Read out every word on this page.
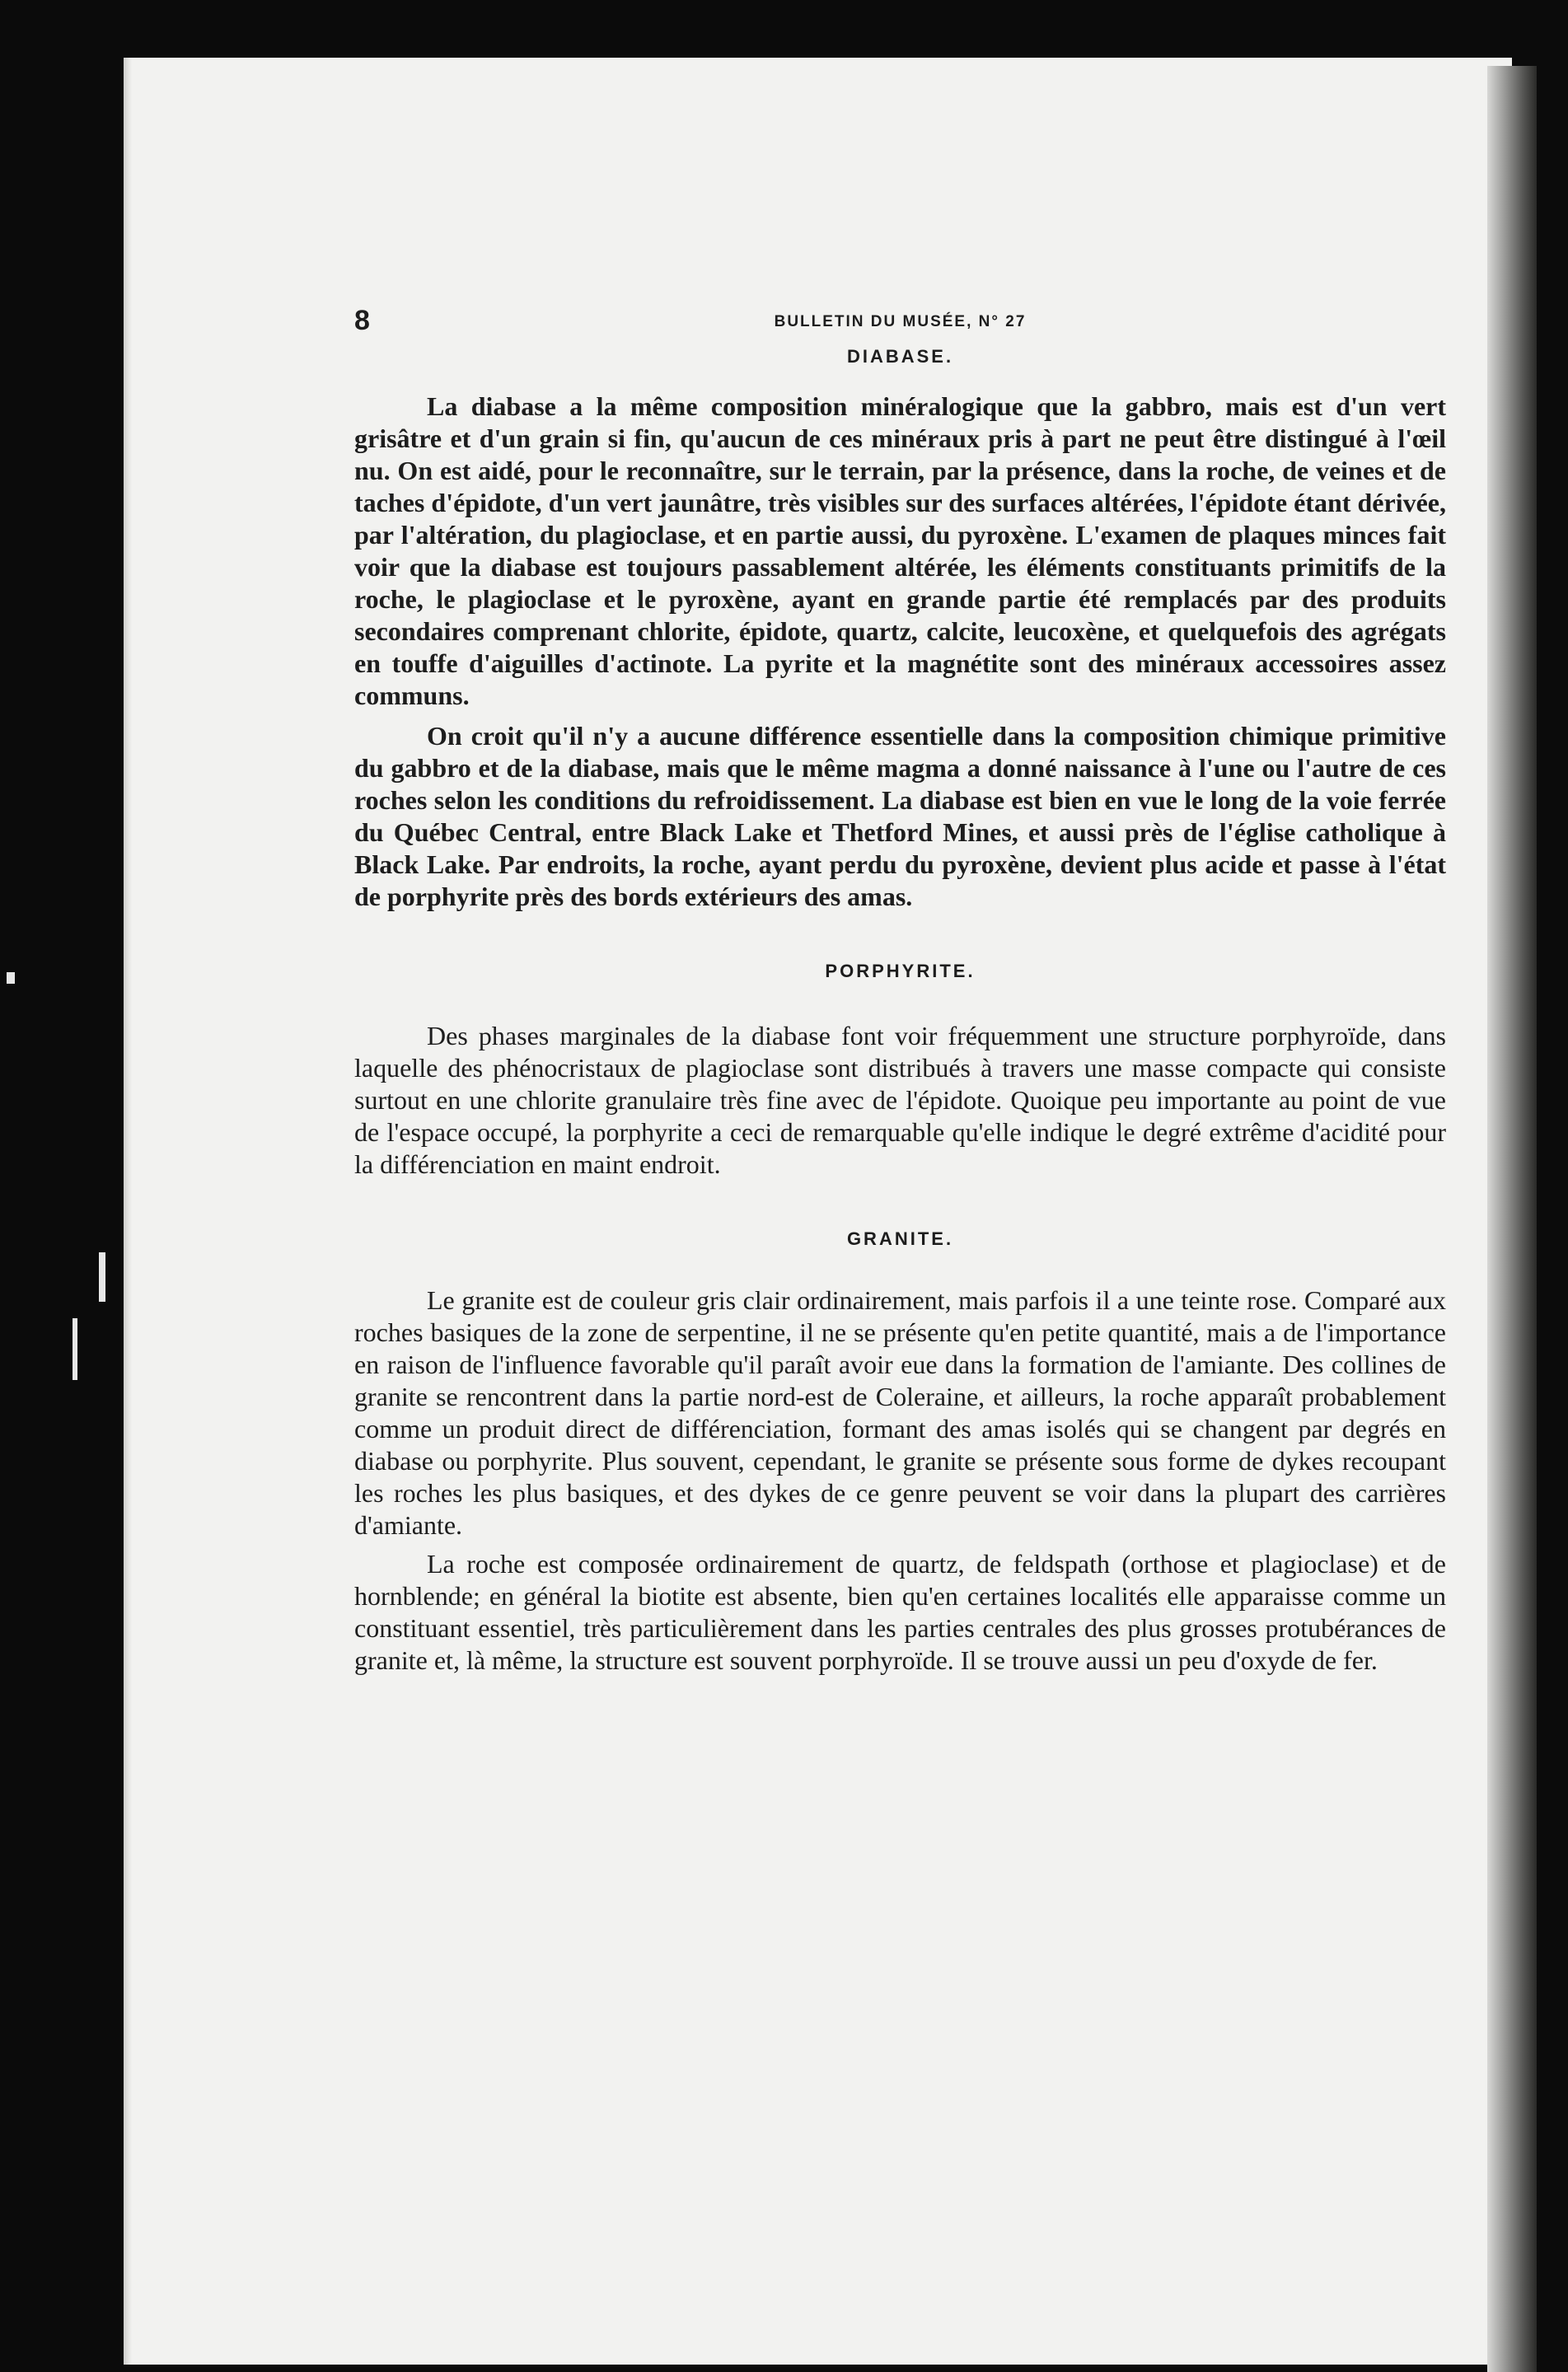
8	BULLETIN DU MUSÉE, N° 27
DIABASE.

La diabase a la même composition minéralogique que la gabbro, mais est d'un vert grisâtre et d'un grain si fin, qu'aucun de ces minéraux pris à part ne peut être distingué à l'œil nu. On est aidé, pour le reconnaître, sur le terrain, par la présence, dans la roche, de veines et de taches d'épidote, d'un vert jaunâtre, très visibles sur des surfaces altérées, l'épidote étant dérivée, par l'altération, du plagioclase, et en partie aussi, du pyroxène. L'examen de plaques minces fait voir que la diabase est toujours passablement altérée, les éléments constituants primitifs de la roche, le plagioclase et le pyroxène, ayant en grande partie été remplacés par des produits secondaires comprenant chlorite, épidote, quartz, calcite, leucoxène, et quelquefois des agrégats en touffe d'aiguilles d'actinote. La pyrite et la magnétite sont des minéraux accessoires assez communs.

On croit qu'il n'y a aucune différence essentielle dans la composition chimique primitive du gabbro et de la diabase, mais que le même magma a donné naissance à l'une ou l'autre de ces roches selon les conditions du refroidissement. La diabase est bien en vue le long de la voie ferrée du Québec Central, entre Black Lake et Thetford Mines, et aussi près de l'église catholique à Black Lake. Par endroits, la roche, ayant perdu du pyroxène, devient plus acide et passe à l'état de porphyrite près des bords extérieurs des amas.

PORPHYRITE.

Des phases marginales de la diabase font voir fréquemment une structure porphyroïde, dans laquelle des phénocristaux de plagioclase sont distribués à travers une masse compacte qui consiste surtout en une chlorite granulaire très fine avec de l'épidote. Quoique peu importante au point de vue de l'espace occupé, la porphyrite a ceci de remarquable qu'elle indique le degré extrême d'acidité pour la différenciation en maint endroit.

GRANITE.

Le granite est de couleur gris clair ordinairement, mais parfois il a une teinte rose. Comparé aux roches basiques de la zone de serpentine, il ne se présente qu'en petite quantité, mais a de l'importance en raison de l'influence favorable qu'il paraît avoir eue dans la formation de l'amiante. Des collines de granite se rencontrent dans la partie nord-est de Coleraine, et ailleurs, la roche apparaît probablement comme un produit direct de différenciation, formant des amas isolés qui se changent par degrés en diabase ou porphyrite. Plus souvent, cependant, le granite se présente sous forme de dykes recoupant les roches les plus basiques, et des dykes de ce genre peuvent se voir dans la plupart des carrières d'amiante.

La roche est composée ordinairement de quartz, de feldspath (orthose et plagioclase) et de hornblende; en général la biotite est absente, bien qu'en certaines localités elle apparaisse comme un constituant essentiel, très particulièrement dans les parties centrales des plus grosses protubérances de granite et, là même, la structure est souvent porphyroïde. Il se trouve aussi un peu d'oxyde de fer.
